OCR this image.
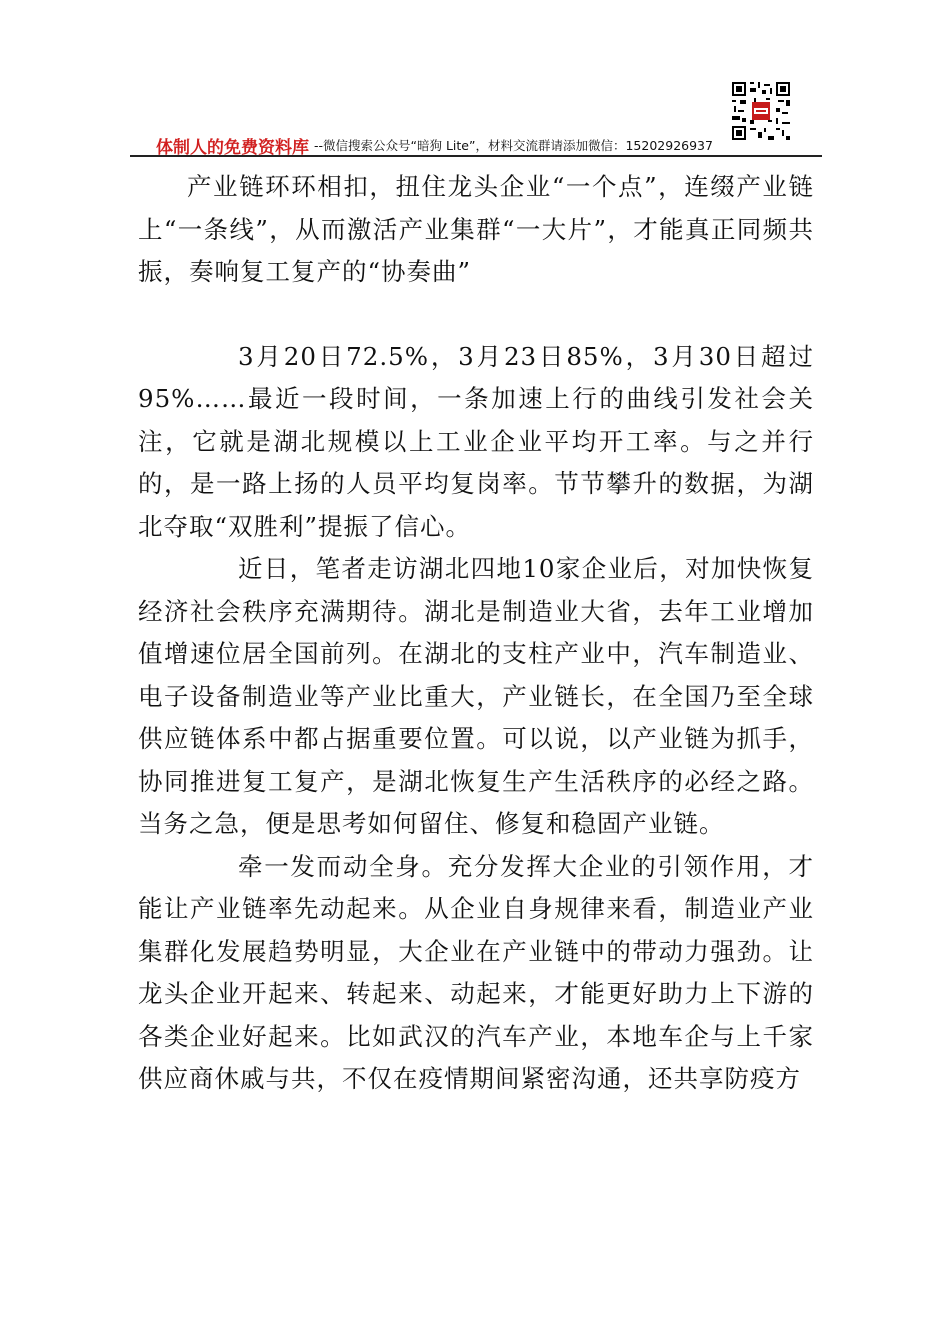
体制人的免费资料库 --微信搜索公众号“暗狗 Lite”，材料交流群请添加微信：15202926937

产业链环环相扣，扭住龙头企业“一个点”，连缀产业链上“一条线”，从而激活产业集群“一大片”，才能真正同频共振，奏响复工复产的“协奏曲”

3月20日72.5%，3月23日85%，3月30日超过95%……最近一段时间，一条加速上行的曲线引发社会关注，它就是湖北规模以上工业企业平均开工率。与之并行的，是一路上扬的人员平均复岗率。节节攀升的数据，为湖北夺取“双胜利”提振了信心。

近日，笔者走访湖北四地10家企业后，对加快恢复经济社会秩序充满期待。湖北是制造业大省，去年工业增加值增速位居全国前列。在湖北的支柱产业中，汽车制造业、电子设备制造业等产业比重大，产业链长，在全国乃至全球供应链体系中都占据重要位置。可以说，以产业链为抓手，协同推进复工复产，是湖北恢复生产生活秩序的必经之路。当务之急，便是思考如何留住、修复和稳固产业链。

牵一发而动全身。充分发挥大企业的引领作用，才能让产业链率先动起来。从企业自身规律来看，制造业产业集群化发展趋势明显，大企业在产业链中的带动力强劲。让龙头企业开起来、转起来、动起来，才能更好助力上下游的各类企业好起来。比如武汉的汽车产业，本地车企与上千家供应商休戚与共，不仅在疫情期间紧密沟通，还共享防疫方
